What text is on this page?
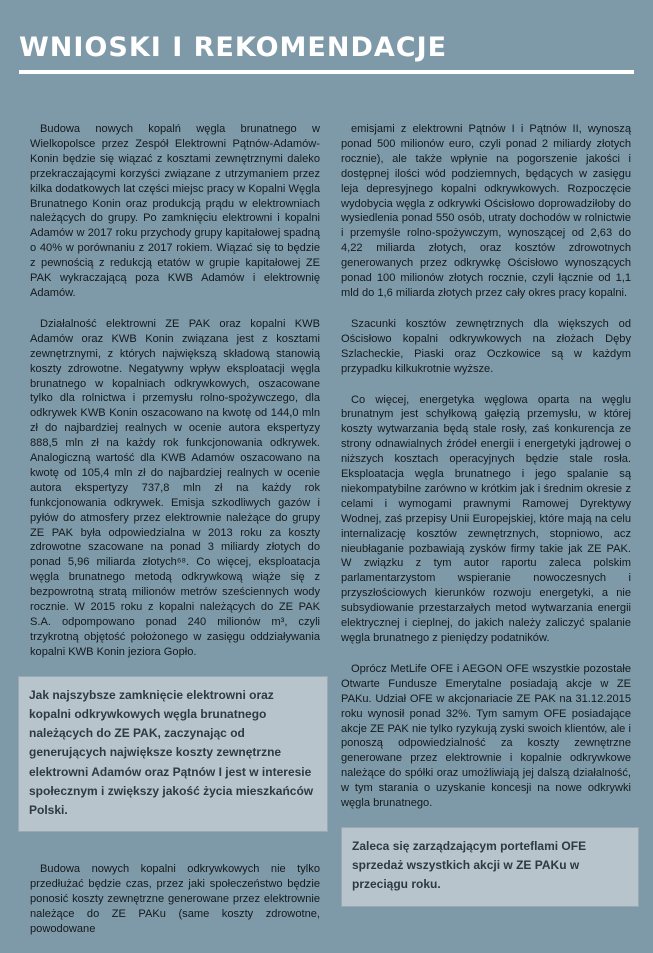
WNIOSKI I REKOMENDACJE

Budowa nowych kopalń węgla brunatnego w Wielkopolsce przez Zespół Elektrowni Pątnów-Adamów-Konin będzie się wiązać z kosztami zewnętrznymi daleko przekraczającymi korzyści związane z utrzymaniem przez kilka dodatkowych lat części miejsc pracy w Kopalni Węgla Brunatnego Konin oraz produkcją prądu w elektrowniach należących do grupy. Po zamknięciu elektrowni i kopalni Adamów w 2017 roku przychody grupy kapitałowej spadną o 40% w porównaniu z 2017 rokiem. Wiązać się to będzie z pewnością z redukcją etatów w grupie kapitałowej ZE PAK wykraczającą poza KWB Adamów i elektrownię Adamów.

Działalność elektrowni ZE PAK oraz kopalni KWB Adamów oraz KWB Konin związana jest z kosztami zewnętrznymi, z których największą składową stanowią koszty zdrowotne. Negatywny wpływ eksploatacji węgla brunatnego w kopalniach odkrywkowych, oszacowane tylko dla rolnictwa i przemysłu rolno-spożywczego, dla odkrywek KWB Konin oszacowano na kwotę od 144,0 mln zł do najbardziej realnych w ocenie autora ekspertyzy 888,5 mln zł na każdy rok funkcjonowania odkrywek. Analogiczną wartość dla KWB Adamów oszacowano na kwotę od 105,4 mln zł do najbardziej realnych w ocenie autora ekspertyzy 737,8 mln zł na każdy rok funkcjonowania odkrywek. Emisja szkodliwych gazów i pyłów do atmosfery przez elektrownie należące do grupy ZE PAK była odpowiedzialna w 2013 roku za koszty zdrowotne szacowane na ponad 3 miliardy złotych do ponad 5,96 miliarda złotych⁶⁸. Co więcej, eksploatacja węgla brunatnego metodą odkrywkową wiąże się z bezpowrotną stratą milionów metrów sześciennych wody rocznie. W 2015 roku z kopalni należących do ZE PAK S.A. odpompowano ponad 240 milionów m³, czyli trzykrotną objętość położonego w zasięgu oddziaływania kopalni KWB Konin jeziora Gopło.

Jak najszybsze zamknięcie elektrowni oraz kopalni odkrywkowych węgla brunatnego należących do ZE PAK, zaczynając od generujących największe koszty zewnętrzne elektrowni Adamów oraz Pątnów I jest w interesie społecznym i zwiększy jakość życia mieszkańców Polski.

Budowa nowych kopalni odkrywkowych nie tylko przedłużać będzie czas, przez jaki społeczeństwo będzie ponosić koszty zewnętrzne generowane przez elektrownie należące do ZE PAKu (same koszty zdrowotne, powodowane

emisjami z elektrowni Pątnów I i Pątnów II, wynoszą ponad 500 milionów euro, czyli ponad 2 miliardy złotych rocznie), ale także wpłynie na pogorszenie jakości i dostępnej ilości wód podziemnych, będących w zasięgu leja depresyjnego kopalni odkrywkowych. Rozpoczęcie wydobycia węgla z odkrywki Ościsłowo doprowadziłoby do wysiedlenia ponad 550 osób, utraty dochodów w rolnictwie i przemyśle rolno-spożywczym, wynoszącej od 2,63 do 4,22 miliarda złotych, oraz kosztów zdrowotnych generowanych przez odkrywkę Ościsłowo wynoszących ponad 100 milionów złotych rocznie, czyli łącznie od 1,1 mld do 1,6 miliarda złotych przez cały okres pracy kopalni.

Szacunki kosztów zewnętrznych dla większych od Ościsłowo kopalni odkrywkowych na złożach Dęby Szlacheckie, Piaski oraz Oczkowice są w każdym przypadku kilkukrotnie wyższe.

Co więcej, energetyka węglowa oparta na węglu brunatnym jest schyłkową gałęzią przemysłu, w której koszty wytwarzania będą stale rosły, zaś konkurencja ze strony odnawialnych źródeł energii i energetyki jądrowej o niższych kosztach operacyjnych będzie stale rosła. Eksploatacja węgla brunatnego i jego spalanie są niekompatybilne zarówno w krótkim jak i średnim okresie z celami i wymogami prawnymi Ramowej Dyrektywy Wodnej, zaś przepisy Unii Europejskiej, które mają na celu internalizację kosztów zewnętrznych, stopniowo, acz nieubłaganie pozbawiają zysków firmy takie jak ZE PAK. W związku z tym autor raportu zaleca polskim parlamentarzystom wspieranie nowoczesnych i przyszłościowych kierunków rozwoju energetyki, a nie subsydiowanie przestarzałych metod wytwarzania energii elektrycznej i cieplnej, do jakich należy zaliczyć spalanie węgla brunatnego z pieniędzy podatników.

Oprócz MetLife OFE i AEGON OFE wszystkie pozostałe Otwarte Fundusze Emerytalne posiadają akcje w ZE PAKu. Udział OFE w akcjonariacie ZE PAK na 31.12.2015 roku wynosił ponad 32%. Tym samym OFE posiadające akcje ZE PAK nie tylko ryzykują zyski swoich klientów, ale i ponoszą odpowiedzialność za koszty zewnętrzne generowane przez elektrownie i kopalnie odkrywkowe należące do spółki oraz umożliwiają jej dalszą działalność, w tym starania o uzyskanie koncesji na nowe odkrywki węgla brunatnego.

Zaleca się zarządzającym porteflami OFE sprzedaż wszystkich akcji w ZE PAKu w przeciągu roku.
